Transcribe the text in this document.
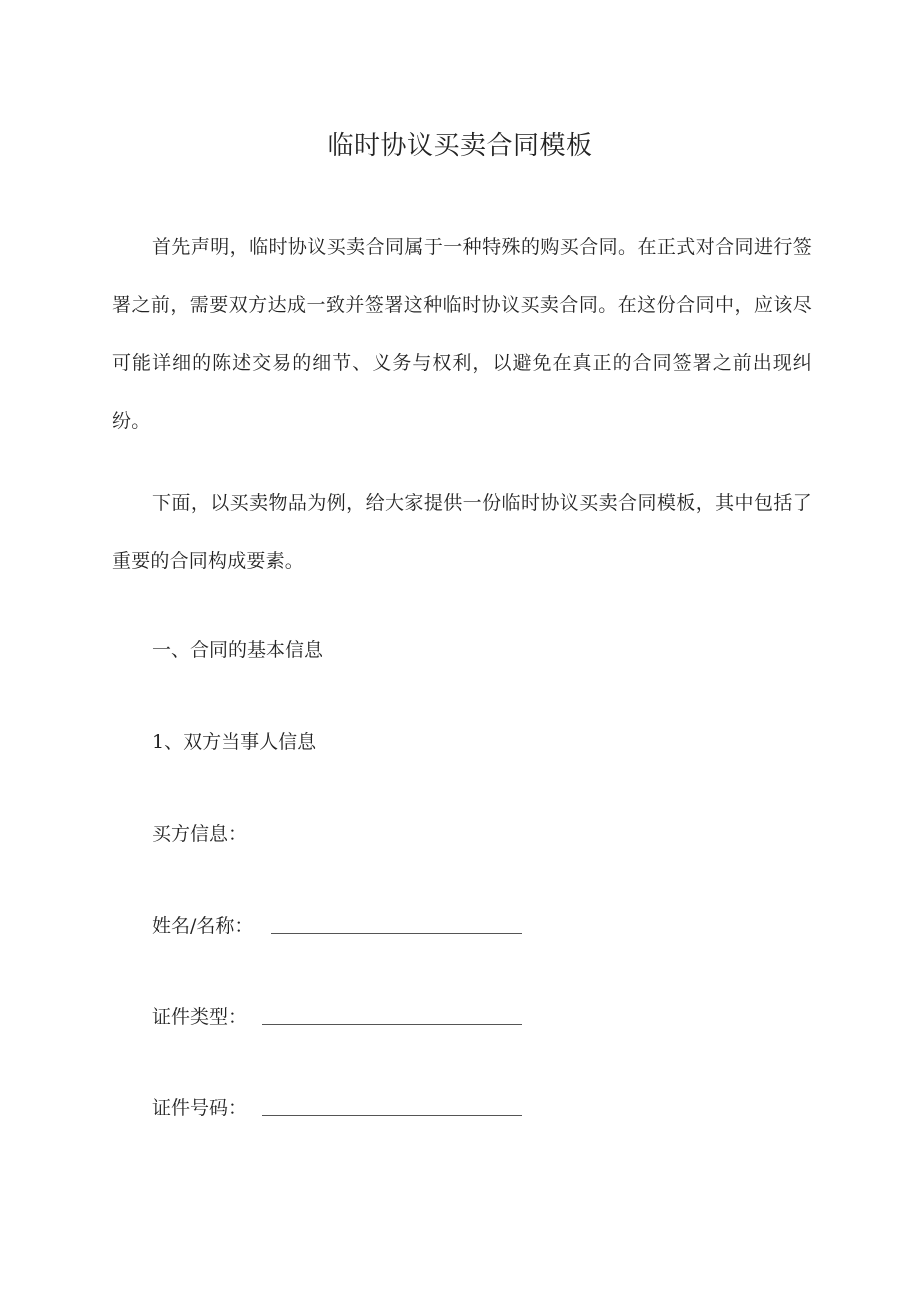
临时协议买卖合同模板

首先声明，临时协议买卖合同属于一种特殊的购买合同。在正式对合同进行签署之前，需要双方达成一致并签署这种临时协议买卖合同。在这份合同中，应该尽可能详细的陈述交易的细节、义务与权利，以避免在真正的合同签署之前出现纠纷。

下面，以买卖物品为例，给大家提供一份临时协议买卖合同模板，其中包括了重要的合同构成要素。

一、合同的基本信息

1、双方当事人信息

买方信息：

姓名/名称：

证件类型：

证件号码：
